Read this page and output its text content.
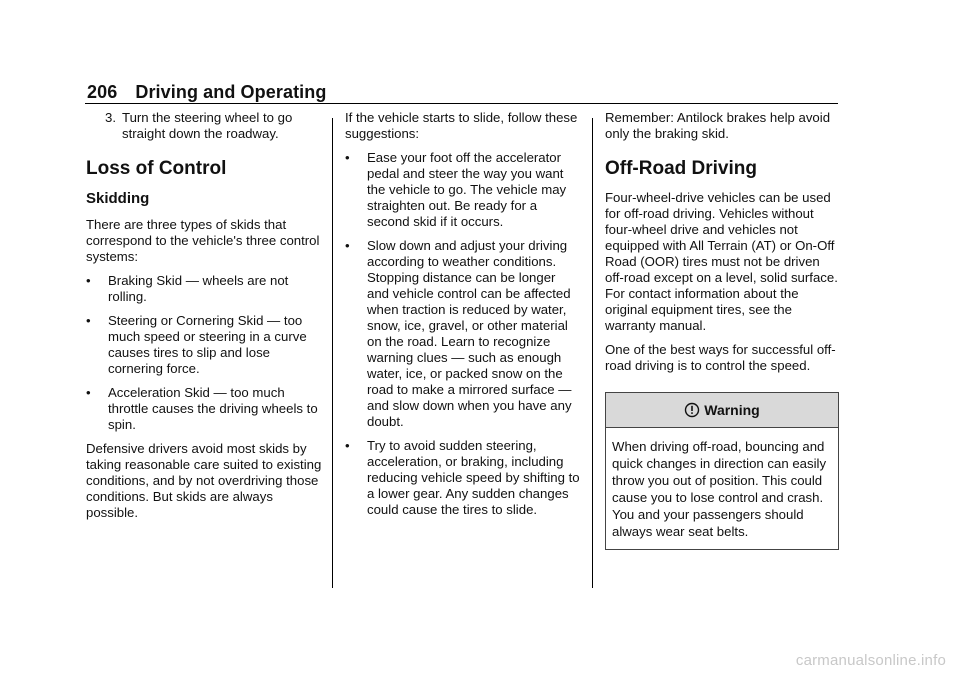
206 Driving and Operating
3. Turn the steering wheel to go straight down the roadway.
Loss of Control
Skidding

There are three types of skids that correspond to the vehicle's three control systems:

•	Braking Skid — wheels are not rolling.
•	Steering or Cornering Skid — too much speed or steering in a curve causes tires to slip and lose cornering force.
•	Acceleration Skid — too much throttle causes the driving wheels to spin.

Defensive drivers avoid most skids by taking reasonable care suited to existing conditions, and by not overdriving those conditions. But skids are always possible.

If the vehicle starts to slide, follow these suggestions:

•	Ease your foot off the accelerator pedal and steer the way you want the vehicle to go. The vehicle may straighten out. Be ready for a second skid if it occurs.
•	Slow down and adjust your driving according to weather conditions. Stopping distance can be longer and vehicle control can be affected when traction is reduced by water, snow, ice, gravel, or other material on the road. Learn to recognize warning clues — such as enough water, ice, or packed snow on the road to make a mirrored surface — and slow down when you have any doubt.
•	Try to avoid sudden steering, acceleration, or braking, including reducing vehicle speed by shifting to a lower gear. Any sudden changes could cause the tires to slide.

Remember: Antilock brakes help avoid only the braking skid.

Off-Road Driving

Four-wheel-drive vehicles can be used for off-road driving. Vehicles without four-wheel drive and vehicles not equipped with All Terrain (AT) or On-Off Road (OOR) tires must not be driven off-road except on a level, solid surface. For contact information about the original equipment tires, see the warranty manual.

One of the best ways for successful off-road driving is to control the speed.

Warning
When driving off-road, bouncing and quick changes in direction can easily throw you out of position. This could cause you to lose control and crash. You and your passengers should always wear seat belts.
carmanualsonline.info
